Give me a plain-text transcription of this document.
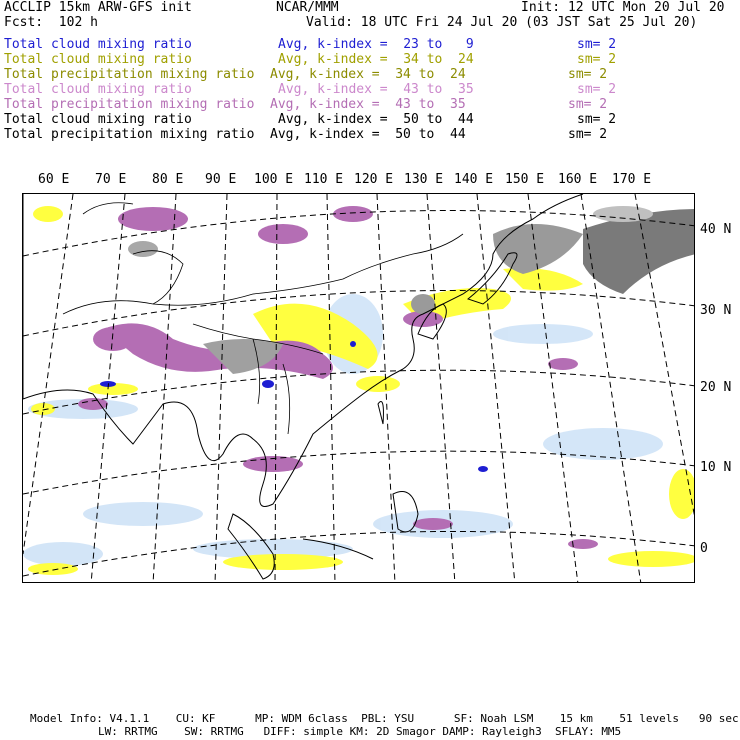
ACCLIP 15km ARW-GFS init	NCAR/MMM	Init: 12 UTC Mon 20 Jul 20
Fcst:  102 h	Valid: 18 UTC Fri 24 Jul 20 (03 JST Sat 25 Jul 20)
Total cloud mixing ratio	Avg, k-index =  23 to   9	sm= 2
Total cloud mixing ratio	Avg, k-index =  34 to  24	sm= 2
Total precipitation mixing ratio Avg, k-index =  34 to  24	sm= 2
Total cloud mixing ratio	Avg, k-index =  43 to  35	sm= 2
Total precipitation mixing ratio Avg, k-index =  43 to  35	sm= 2
Total cloud mixing ratio	Avg, k-index =  50 to  44	sm= 2
Total precipitation mixing ratio Avg, k-index =  50 to  44	sm= 2
60 E 70 E 80 E 90 E 100 E 110 E 120 E 130 E 140 E 150 E 160 E 170 E
40 N
30 N
20 N
10 N
0
Model Info: V4.1.1    CU: KF      MP: WDM 6class  PBL: YSU      SF: Noah LSM    15 km    51 levels   90 sec
LW: RRTMG    SW: RRTMG   DIFF: simple KM: 2D Smagor DAMP: Rayleigh3  SFLAY: MM5
